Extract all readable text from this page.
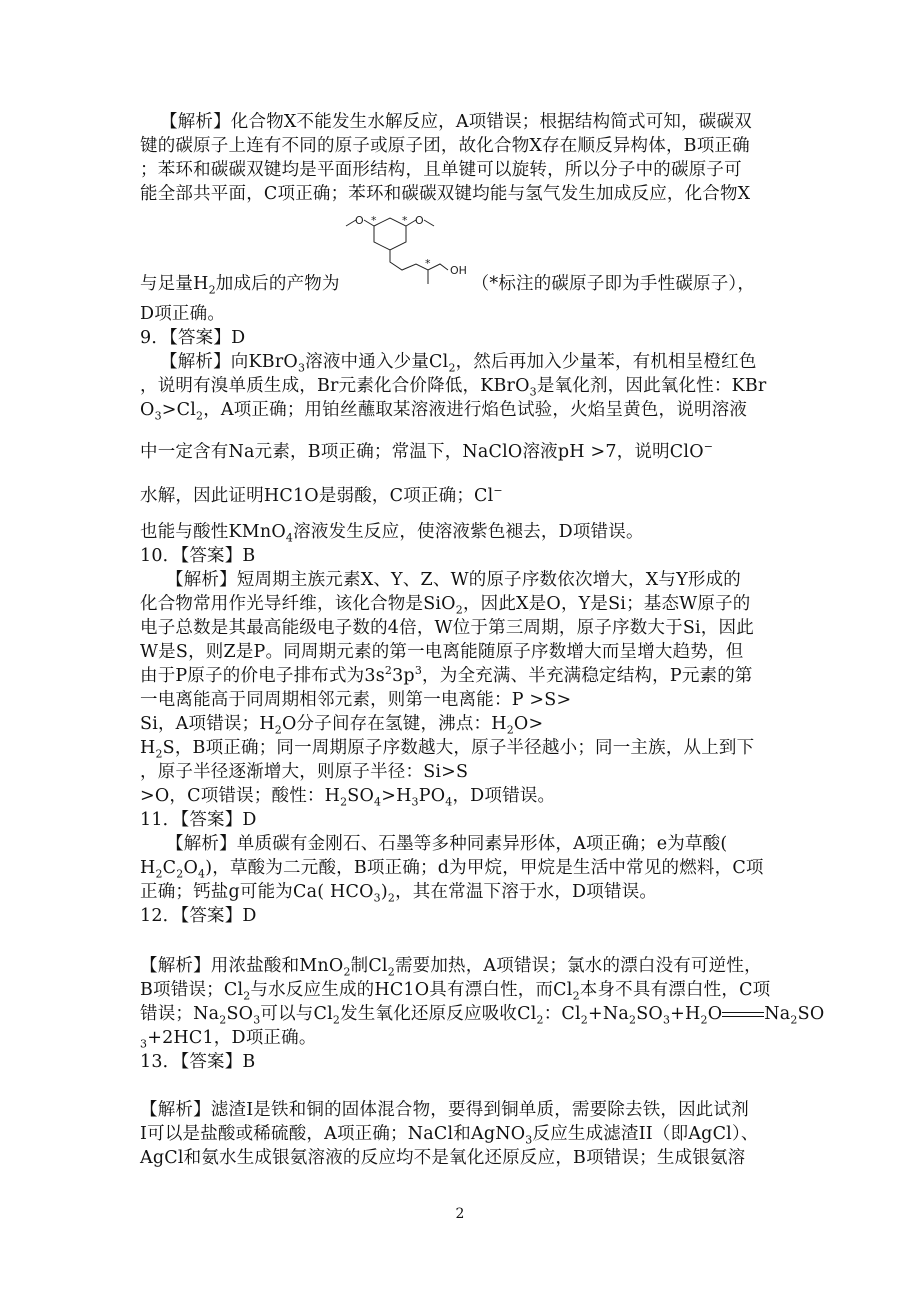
【解析】化合物X不能发生水解反应，A项错误；根据结构简式可知，碳碳双
键的碳原子上连有不同的原子或原子团，故化合物X存在顺反异构体，B项正确
；苯环和碳碳双键均是平面形结构，且单键可以旋转，所以分子中的碳原子可
能全部共平面，C项正确；苯环和碳碳双键均能与氢气发生加成反应，化合物X
O	O
OH
* *
*
与足量$H_2$加成后的产物为	（*标注的碳原子即为手性碳原子），
D项正确。
9．【答案】D
【解析】向KBrO$_3$溶液中通入少量$Cl_2$，然后再加入少量苯，有机相呈橙红色
，说明有溴单质生成，Br元素化合价降低，KBrO$_3$是氧化剂，因此氧化性：KBr
$O_3>Cl_2$，A项正确；用铂丝蘸取某溶液进行焰色试验，火焰呈黄色，说明溶液
中一定含有Na元素，B项正确；常温下，NaClO溶液pH >7，说明ClO−
水解，因此证明HC1O是弱酸，C项正确；Cl−
也能与酸性KMnO$_4$溶液发生反应，使溶液紫色褪去，D项错误。
10．【答案】B
【解析】短周期主族元素X、Y、Z、W的原子序数依次增大，X与Y形成的
化合物常用作光导纤维，该化合物是SiO$_2$，因此X是O，Y是Si；基态W原子的
电子总数是其最高能级电子数的4倍，W位于第三周期，原子序数大于Si，因此
W是S，则Z是P。同周期元素的第一电离能随原子序数增大而呈增大趋势，但
由于P原子的价电子排布式为$3s^23p^3$，为全充满、半充满稳定结构，P元素的第
一电离能高于同周期相邻元素，则第一电离能：P >S>
Si，A项错误；$H_2O$分子间存在氢键，沸点：$H_2O>$
$H_2S$，B项正确；同一周期原子序数越大，原子半径越小；同一主族，从上到下
，原子半径逐渐增大，则原子半径：Si>S
>O，C项错误；酸性：$H_2SO_4>H_3PO_4$，D项错误。
11．【答案】D
【解析】单质碳有金刚石、石墨等多种同素异形体，A项正确；e为草酸(
$H_2C_2O_4$)，草酸为二元酸，B项正确；d为甲烷，甲烷是生活中常见的燃料，C项
正确；钙盐g可能为Ca( $HCO_3)_2$，其在常温下溶于水，D项错误。
12．【答案】D
【解析】用浓盐酸和MnO$_2$制$Cl_2$需要加热，A项错误；氯水的漂白没有可逆性，
B项错误；$Cl_2$与水反应生成的HC1O具有漂白性，而$Cl_2$本身不具有漂白性，C项
错误；$Na_2SO_3$可以与$Cl_2$发生氧化还原反应吸收$Cl_2$：$Cl_2+Na_2SO_3+H_2O$ $Na_2SO$
$_3$+2HC1，D项正确。
13．【答案】B
【解析】滤渣I是铁和铜的固体混合物，要得到铜单质，需要除去铁，因此试剂
I可以是盐酸或稀硫酸，A项正确；NaCl和AgNO$_3$反应生成滤渣II（即AgCl）、
AgCl和氨水生成银氨溶液的反应均不是氧化还原反应，B项错误；生成银氨溶
2
